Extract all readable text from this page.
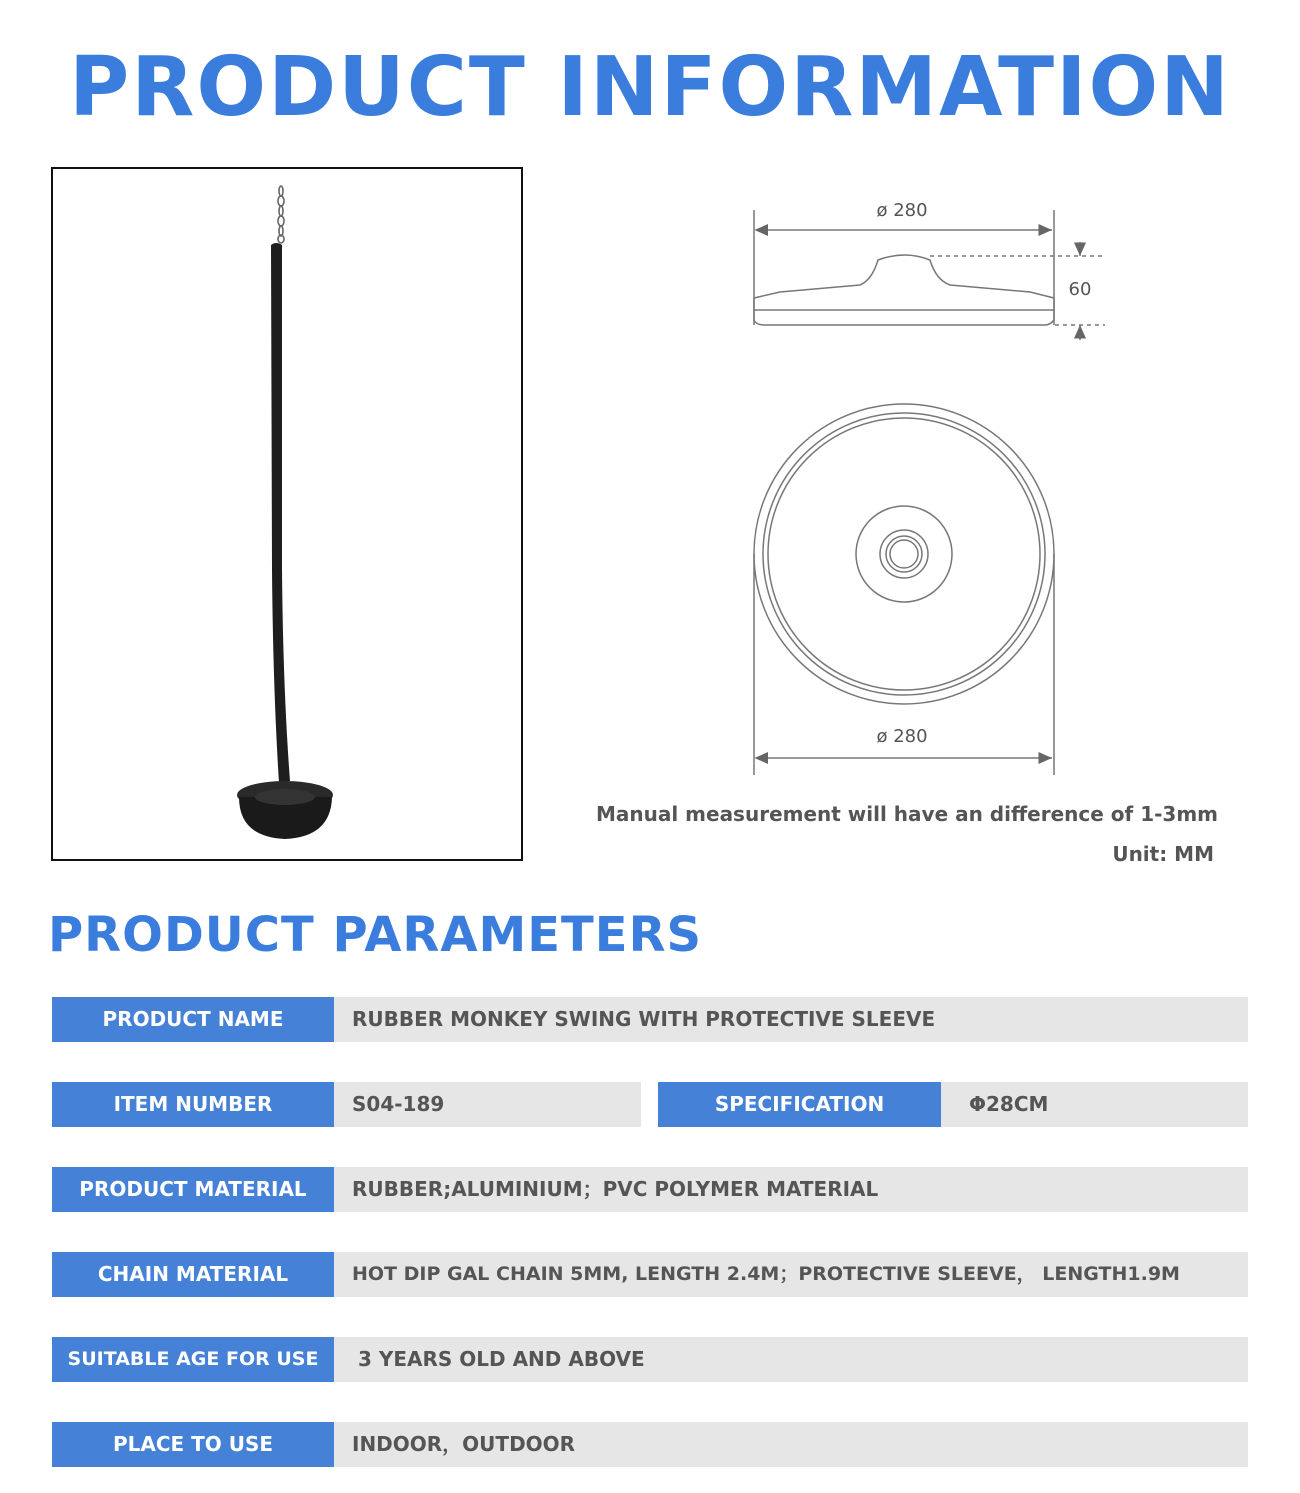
PRODUCT INFORMATION
ø 280
60
ø 280
Manual measurement will have an difference of 1-3mm
Unit: MM
PRODUCT PARAMETERS
PRODUCT NAME	RUBBER MONKEY SWING WITH PROTECTIVE SLEEVE
ITEM NUMBER	S04-189	SPECIFICATION	Φ28CM
PRODUCT MATERIAL	RUBBER;ALUMINIUM；PVC POLYMER MATERIAL
CHAIN MATERIAL	HOT DIP GAL CHAIN 5MM, LENGTH 2.4M；PROTECTIVE SLEEVE， LENGTH1.9M
SUITABLE AGE FOR USE	3 YEARS OLD AND ABOVE
PLACE TO USE	INDOOR，OUTDOOR
